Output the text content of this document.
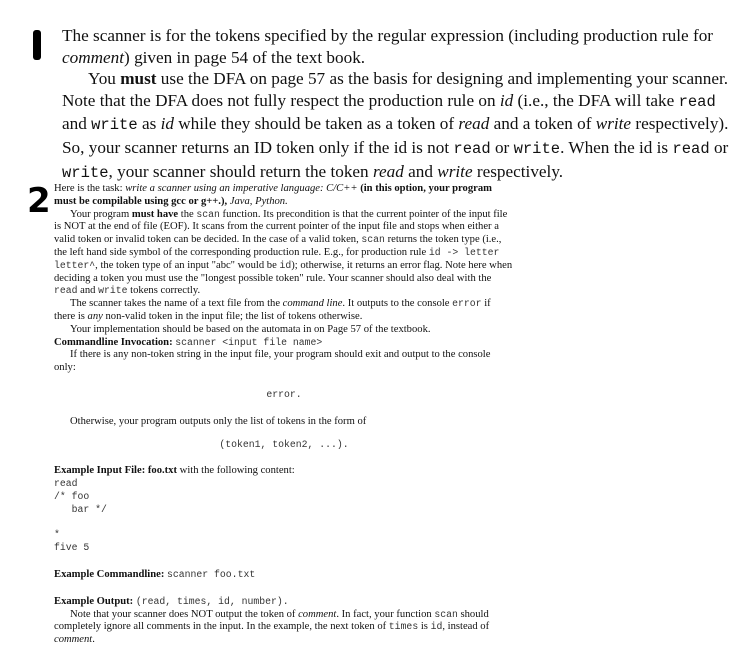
The scanner is for the tokens specified by the regular expression (including production rule for comment) given in page 54 of the text book.

You must use the DFA on page 57 as the basis for designing and implementing your scanner. Note that the DFA does not fully respect the production rule on id (i.e., the DFA will take read and write as id while they should be taken as a token of read and a token of write respectively). So, your scanner returns an ID token only if the id is not read or write. When the id is read or write, your scanner should return the token read and write respectively.

2 Here is the task: write a scanner using an imperative language: C/C++ (in this option, your program must be compilable using gcc or g++.), Java, Python.

Your program must have the scan function. Its precondition is that the current pointer of the input file is NOT at the end of file (EOF). It scans from the current pointer of the input file and stops when either a valid token or invalid token can be decided. In the case of a valid token, scan returns the token type (i.e., the left hand side symbol of the corresponding production rule. E.g., for production rule id -> letter letter^, the token type of an input "abc" would be id); otherwise, it returns an error flag. Note here when deciding a token you must use the "longest possible token" rule. Your scanner should also deal with the read and write tokens correctly.

The scanner takes the name of a text file from the command line. It outputs to the console error if there is any non-valid token in the input file; the list of tokens otherwise.

Your implementation should be based on the automata in on Page 57 of the textbook.

Commandline Invocation: scanner <input file name>

If there is any non-token string in the input file, your program should exit and output to the console only:

error.

Otherwise, your program outputs only the list of tokens in the form of

(token1, token2, ...).

Example Input File: foo.txt with the following content:

read
/* foo
bar */
*
five 5

Example Commandline: scanner foo.txt

Example Output: (read, times, id, number).

Note that your scanner does NOT output the token of comment. In fact, your function scan should completely ignore all comments in the input. In the example, the next token of times is id, instead of comment.
